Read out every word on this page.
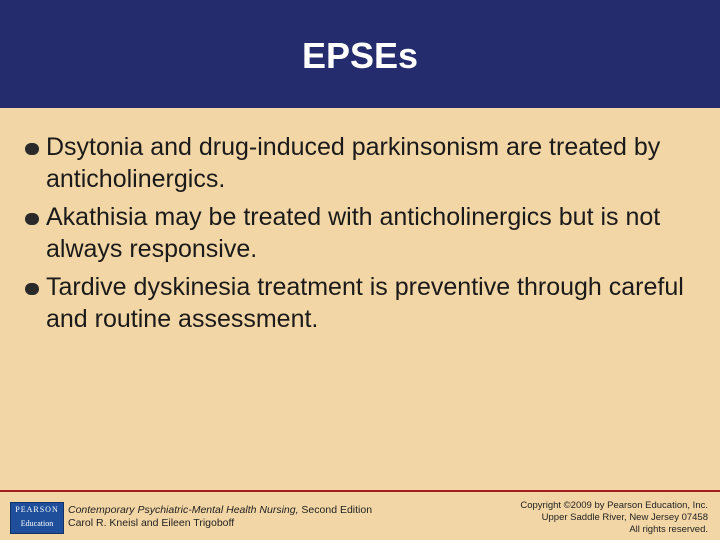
EPSEs
Dsytonia and drug-induced parkinsonism are treated by anticholinergics.
Akathisia may be treated with anticholinergics but is not always responsive.
Tardive dyskinesia treatment is preventive through careful and routine assessment.
PEARSON
Education
Contemporary Psychiatric-Mental Health Nursing, Second Edition
Carol R. Kneisl and Eileen Trigoboff
Copyright ©2009 by Pearson Education, Inc.
Upper Saddle River, New Jersey 07458
All rights reserved.
